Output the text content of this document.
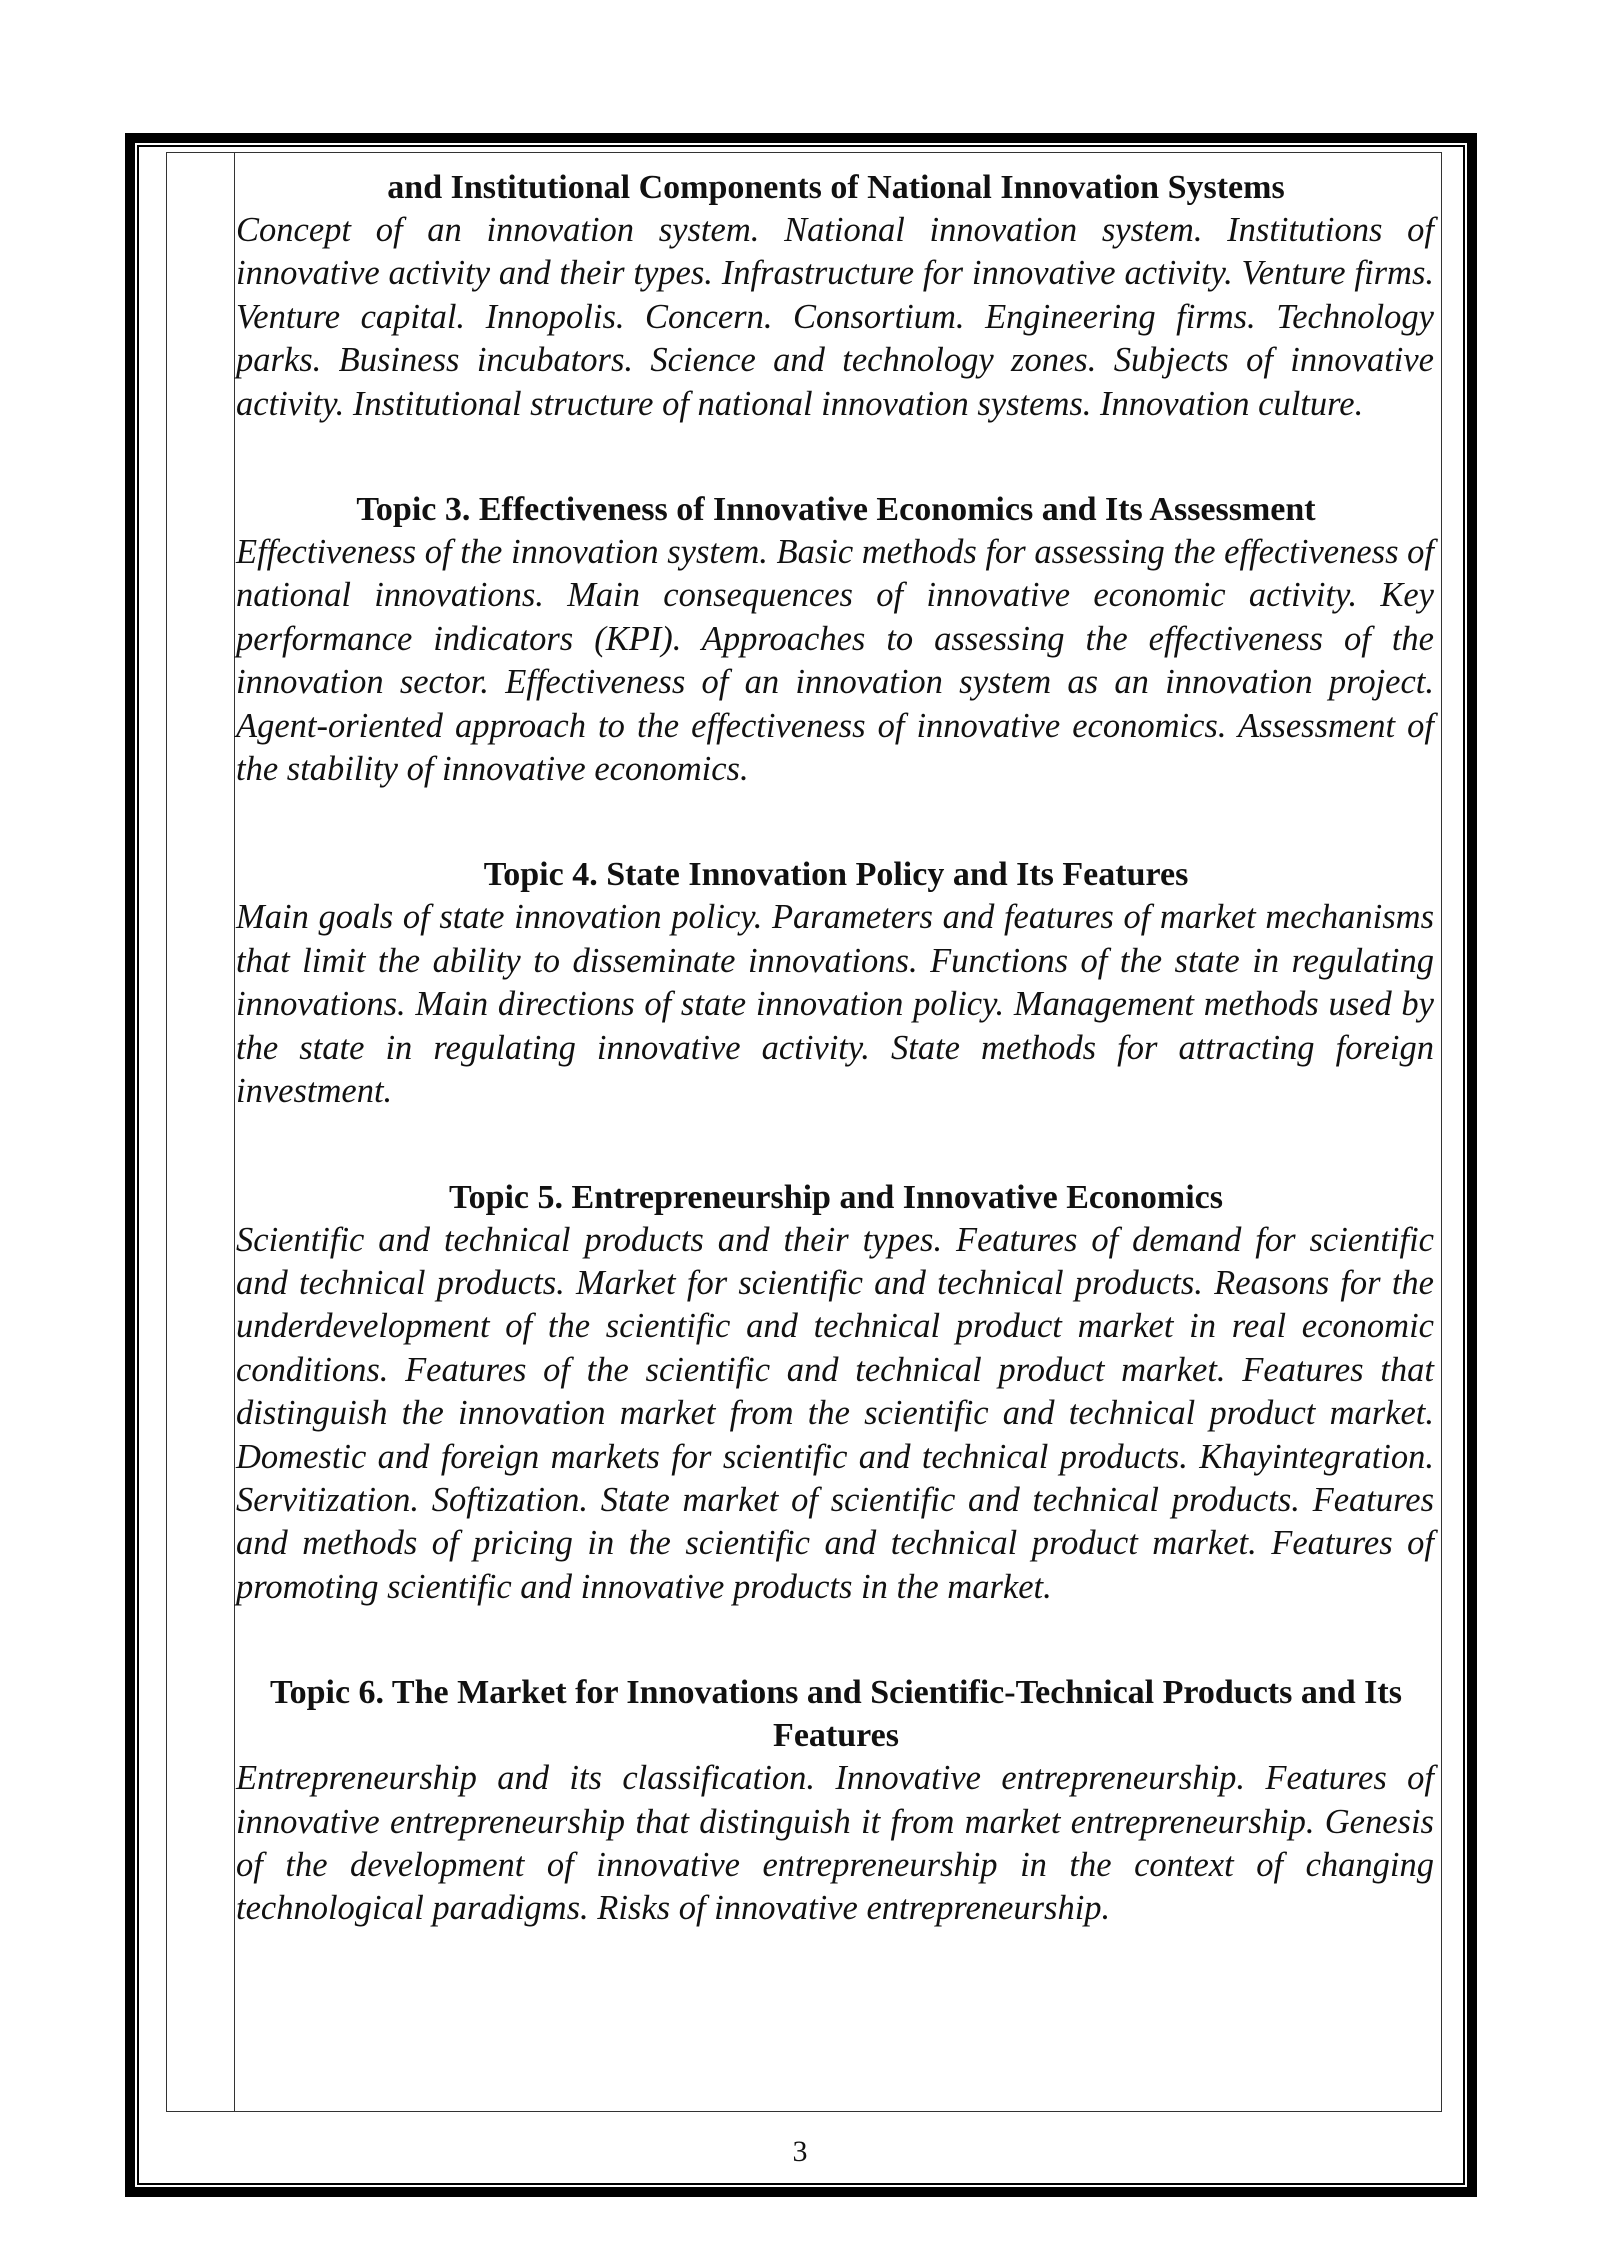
and Institutional Components of National Innovation Systems

Concept of an innovation system. National innovation system. Institutions of innovative activity and their types. Infrastructure for innovative activity. Venture firms. Venture capital. Innopolis. Concern. Consortium. Engineering firms. Technology parks. Business incubators. Science and technology zones. Subjects of innovative activity. Institutional structure of national innovation systems. Innovation culture.

Topic 3. Effectiveness of Innovative Economics and Its Assessment

Effectiveness of the innovation system. Basic methods for assessing the effectiveness of national innovations. Main consequences of innovative economic activity. Key performance indicators (KPI). Approaches to assessing the effectiveness of the innovation sector. Effectiveness of an innovation system as an innovation project. Agent-oriented approach to the effectiveness of innovative economics. Assessment of the stability of innovative economics.

Topic 4. State Innovation Policy and Its Features

Main goals of state innovation policy. Parameters and features of market mechanisms that limit the ability to disseminate innovations. Functions of the state in regulating innovations. Main directions of state innovation policy. Management methods used by the state in regulating innovative activity. State methods for attracting foreign investment.

Topic 5. Entrepreneurship and Innovative Economics

Scientific and technical products and their types. Features of demand for scientific and technical products. Market for scientific and technical products. Reasons for the underdevelopment of the scientific and technical product market in real economic conditions. Features of the scientific and technical product market. Features that distinguish the innovation market from the scientific and technical product market. Domestic and foreign markets for scientific and technical products. Khayintegration. Servitization. Softization. State market of scientific and technical products. Features and methods of pricing in the scientific and technical product market. Features of promoting scientific and innovative products in the market.

Topic 6. The Market for Innovations and Scientific-Technical Products and Its Features

Entrepreneurship and its classification. Innovative entrepreneurship. Features of innovative entrepreneurship that distinguish it from market entrepreneurship. Genesis of the development of innovative entrepreneurship in the context of changing technological paradigms. Risks of innovative entrepreneurship.

3
